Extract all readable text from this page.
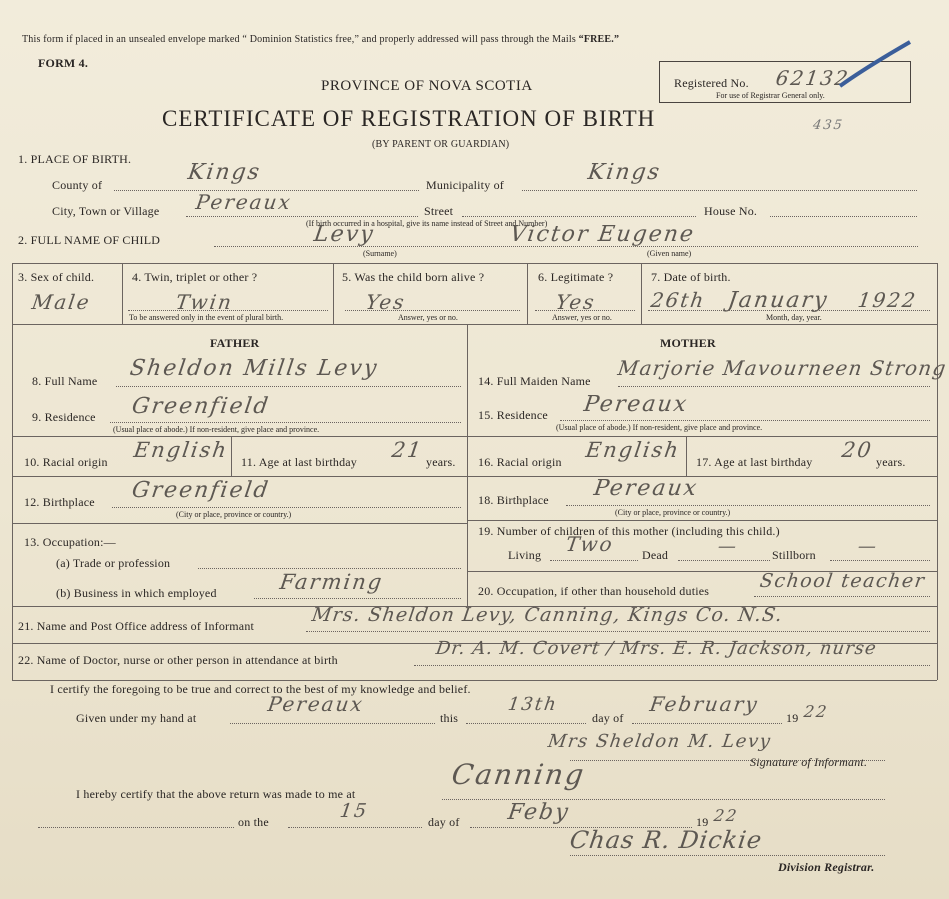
This form if placed in an unsealed envelope marked “ Dominion Statistics free,” and properly addressed will pass through the Mails “FREE.”
FORM 4.
PROVINCE OF NOVA SCOTIA
CERTIFICATE OF REGISTRATION OF BIRTH
(BY PARENT OR GUARDIAN)
Registered No. 62132
For use of Registrar General only.
435
1. PLACE OF BIRTH.
County of	Kings	Municipality of	Kings
City, Town or Village Pereaux	Street	House No.
(If birth occurred in a hospital, give its name instead of Street and Number)
2. FULL NAME OF CHILD	Levy	Victor Eugene
(Surname)	(Given name)
3. Sex of child.
Male
4. Twin, triplet or other ?
Twin
To be answered only in the event of plural birth.
5. Was the child born alive ?
Yes
Answer, yes or no.
6. Legitimate ?
Yes
Answer, yes or no.
7. Date of birth.
26th January 1922
Month, day, year.
FATHER	MOTHER
8. Full Name Sheldon Mills Levy
9. Residence Greenfield
(Usual place of abode.) If non-resident, give place and province.
10. Racial origin English 11. Age at last birthday 21 years.
12. Birthplace Greenfield
(City or place, province or country.)
13. Occupation:—
(a) Trade or profession
(b) Business in which employed	Farming
14. Full Maiden Name
Marjorie Mavourneen Strong
15. Residence Pereaux
(Usual place of abode.) If non-resident, give place and province.
16. Racial origin English 17. Age at last birthday 20 years.
18. Birthplace Pereaux
(City or place, province or country.)
19. Number of children of this mother (including this child.)
Living Two Dead	—	Stillborn —
20. Occupation, if other than household duties	School teacher
21. Name and Post Office address of Informant	Mrs. Sheldon Levy, Canning, Kings Co. N.S.
22. Name of Doctor, nurse or other person in attendance at birth
Dr. A. M. Covert / Mrs. E. R. Jackson, nurse
I certify the foregoing to be true and correct to the best of my knowledge and belief.
Given under my hand at
Pereaux
this
13th
day of
February
19 22
Mrs Sheldon M. Levy
Signature of Informant.
I hereby certify that the above return was made to me at
Canning
on the	15	day of Feby	19 22
Chas R. Dickie
Division Registrar.
